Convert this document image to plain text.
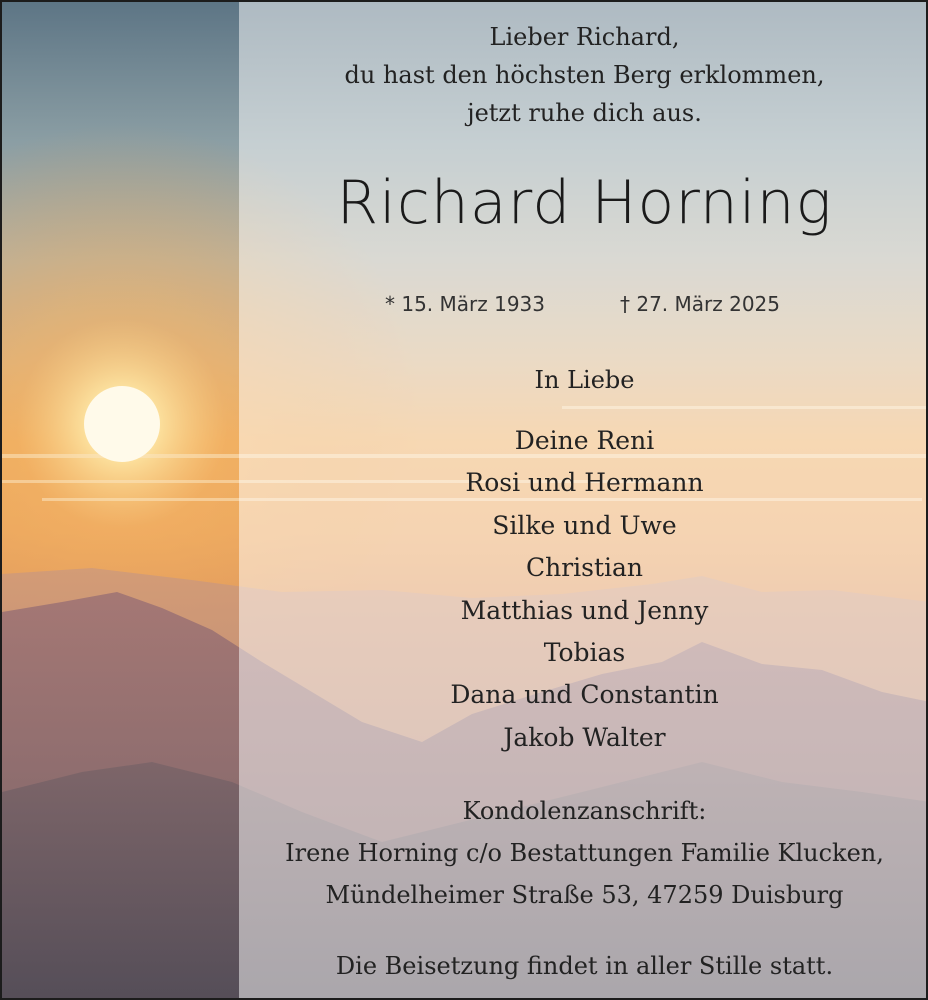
Lieber Richard,
du hast den höchsten Berg erklommen,
jetzt ruhe dich aus.
Richard Horning
* 15. März 1933	† 27. März 2025
In Liebe
Deine Reni
Rosi und Hermann
Silke und Uwe
Christian
Matthias und Jenny
Tobias
Dana und Constantin
Jakob Walter
Kondolenzanschrift:
Irene Horning c/o Bestattungen Familie Klucken,
Mündelheimer Straße 53, 47259 Duisburg
Die Beisetzung findet in aller Stille statt.
